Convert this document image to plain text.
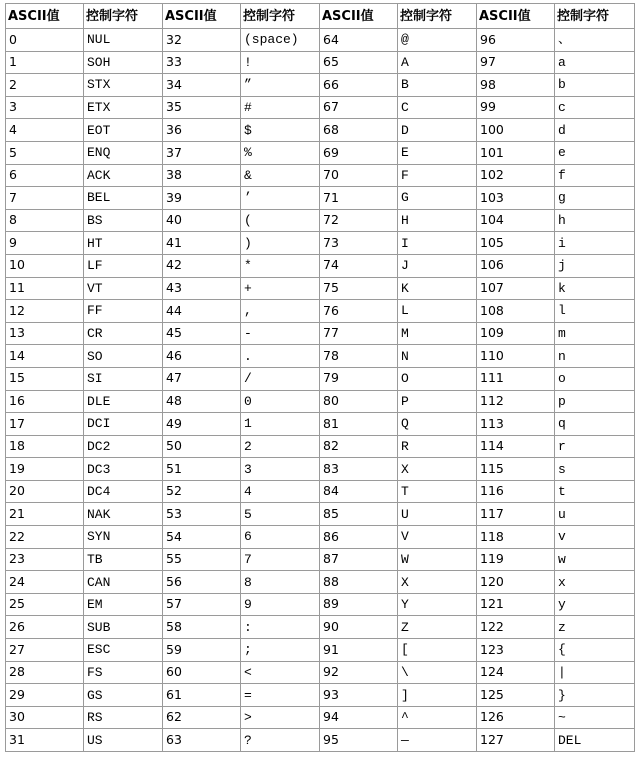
ASCII值	控制字符	ASCII值	控制字符	ASCII值	控制字符	ASCII值	控制字符
0	NUL	32	(space)	64	@	96	、
1	SOH	33	!	65	A	97	a
2	STX	34	”	66	B	98	b
3	ETX	35	#	67	C	99	c
4	EOT	36	$	68	D	100	d
5	ENQ	37	%	69	E	101	e
6	ACK	38	&	70	F	102	f
7	BEL	39	’	71	G	103	g
8	BS	40	(	72	H	104	h
9	HT	41	)	73	I	105	i
10	LF	42	*	74	J	106	j
11	VT	43	+	75	K	107	k
12	FF	44	,	76	L	108	l
13	CR	45	-	77	M	109	m
14	SO	46	.	78	N	110	n
15	SI	47	/	79	O	111	o
16	DLE	48	0	80	P	112	p
17	DCI	49	1	81	Q	113	q
18	DC2	50	2	82	R	114	r
19	DC3	51	3	83	X	115	s
20	DC4	52	4	84	T	116	t
21	NAK	53	5	85	U	117	u
22	SYN	54	6	86	V	118	v
23	TB	55	7	87	W	119	w
24	CAN	56	8	88	X	120	x
25	EM	57	9	89	Y	121	y
26	SUB	58	:	90	Z	122	z
27	ESC	59	;	91	[	123	{
28	FS	60	<	92	\	124	|
29	GS	61	=	93	]	125	}
30	RS	62	>	94	^	126	~
31	US	63	?	95	—	127	DEL
